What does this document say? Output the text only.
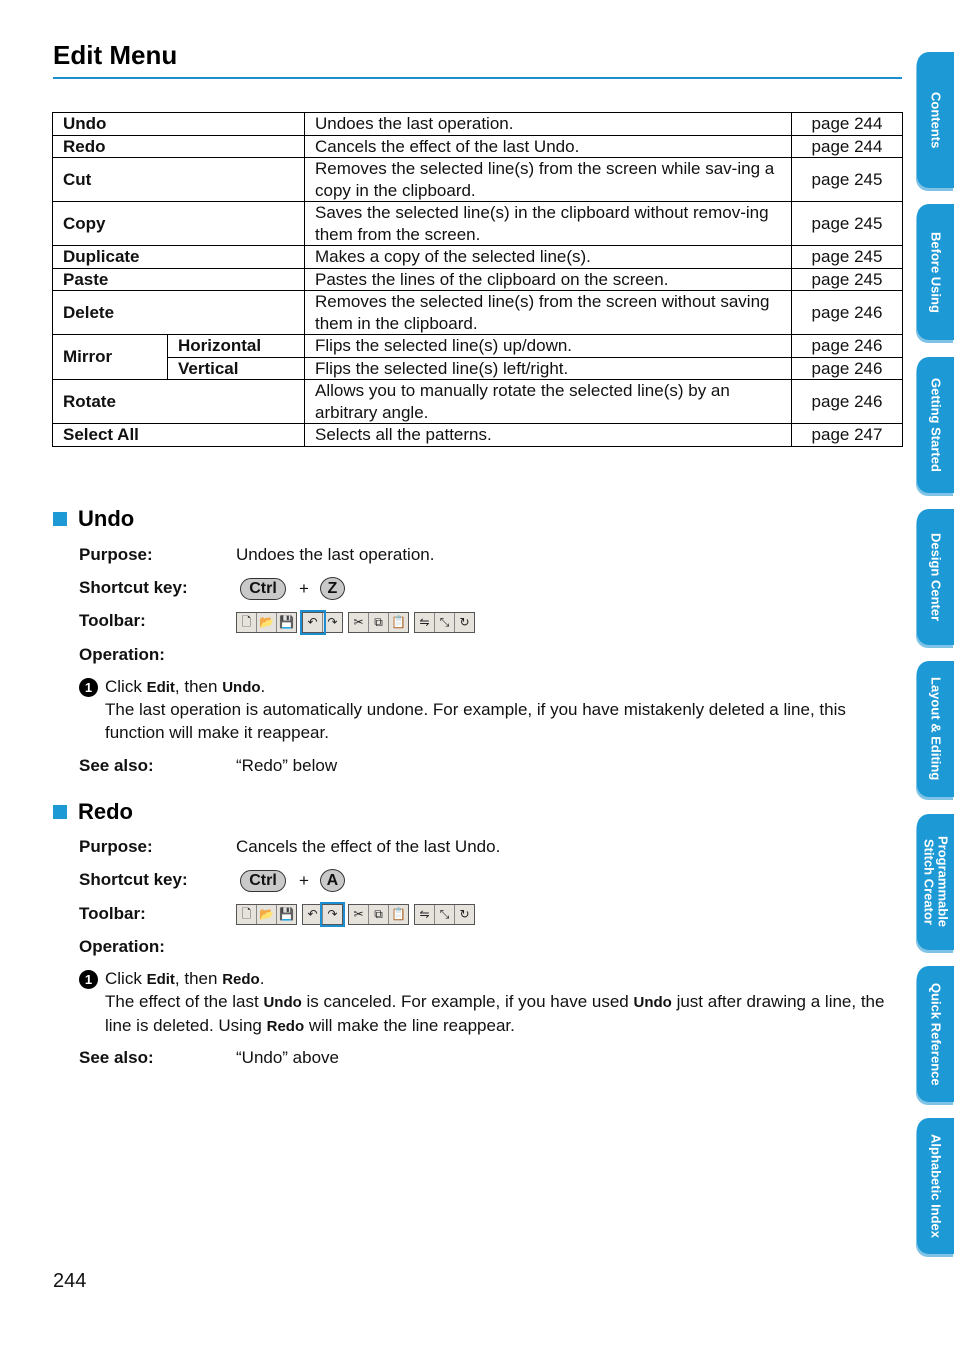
Edit Menu
Undo		Undoes the last operation.	page 244
Redo		Cancels the effect of the last Undo.	page 244
Cut		Removes the selected line(s) from the screen while sav-ing a copy in the clipboard.	page 245
Copy		Saves the selected line(s) in the clipboard without remov-ing them from the screen.	page 245
Duplicate		Makes a copy of the selected line(s).	page 245
Paste		Pastes the lines of the clipboard on the screen.	page 245
Delete		Removes the selected line(s) from the screen without saving them in the clipboard.	page 246
Mirror	Horizontal	Flips the selected line(s) up/down.	page 246
	Vertical	Flips the selected line(s) left/right.	page 246
Rotate		Allows you to manually rotate the selected line(s) by an arbitrary angle.	page 246
Select All		Selects all the patterns.	page 247
Undo
Purpose:	Undoes the last operation.
Shortcut key:	Ctrl	+	Z
Toolbar:	🗋 📂 💾	↶ ↷	✂ ⧉ 📋	⇋ ⤡ ↻
Operation:
1 Click Edit, then Undo.
The last operation is automatically undone. For example, if you have mistakenly deleted a line, this function will make it reappear.
See also:	“Redo” below
Redo
Purpose:	Cancels the effect of the last Undo.
Shortcut key:	Ctrl	+	A
Toolbar:	🗋 📂 💾	↶ ↷	✂ ⧉ 📋	⇋ ⤡ ↻
Operation:
1 Click Edit, then Redo.
The effect of the last Undo is canceled. For example, if you have used Undo just after drawing a line, the line is deleted. Using Redo will make the line reappear.
See also:	“Undo” above
Contents
Before Using
Getting Started
Design Center
Layout & Editing
Programmable
Stitch Creator
Quick Reference
Alphabetic Index
244
